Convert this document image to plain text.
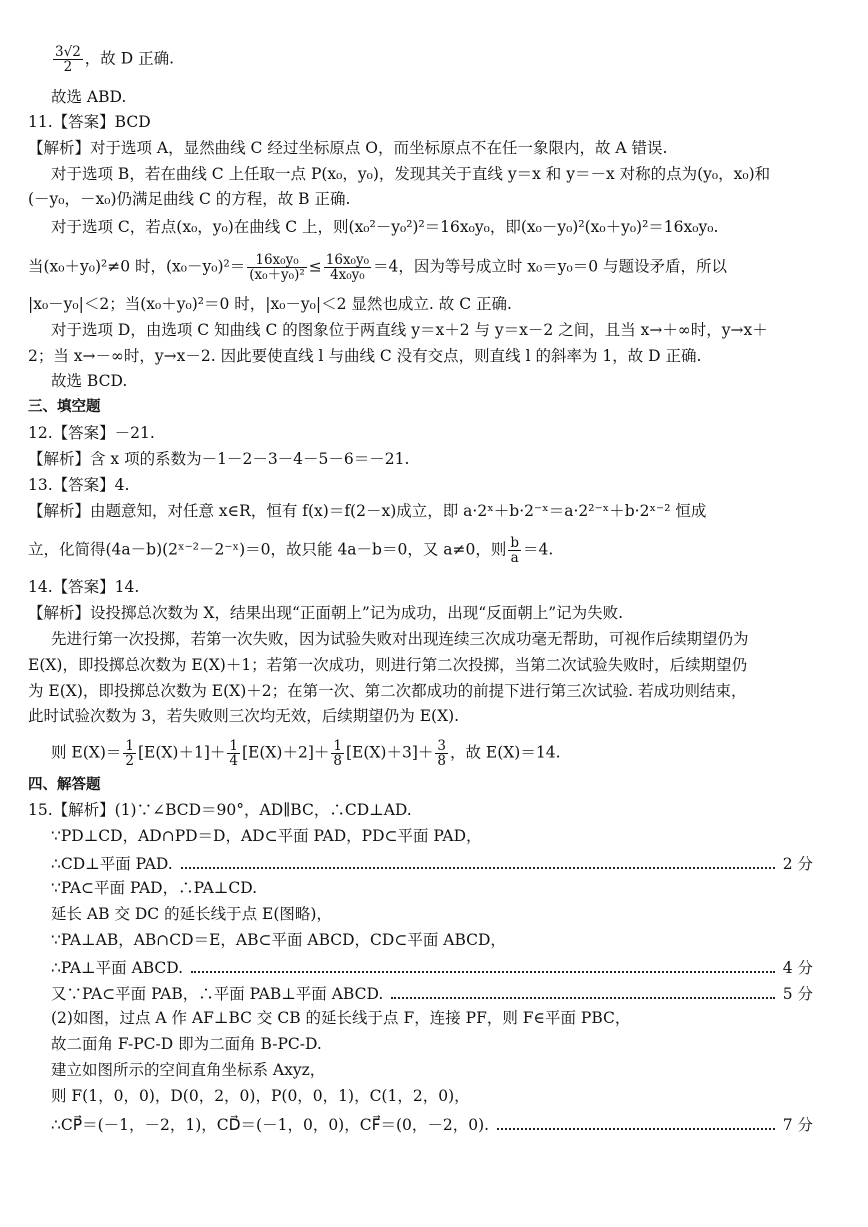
$\frac{3√2}{2}$ ，故 D 正确.
故选 ABD.
11.【答案】BCD
【解析】对于选项 A，显然曲线 C 经过坐标原点 O，而坐标原点不在任一象限内，故 A 错误.
对于选项 B，若在曲线 C 上任取一点 P(x₀，y₀)，发现其关于直线 y＝x 和 y＝－x 对称的点为(y₀，x₀)和
(－y₀，－x₀)仍满足曲线 C 的方程，故 B 正确.
对于选项 C，若点(x₀，y₀)在曲线 C 上，则(x₀²－y₀²)²＝16x₀y₀，即(x₀－y₀)²(x₀＋y₀)²＝16x₀y₀.
当(x₀＋y₀)²≠0 时，$(x_0-y_0)^2= \frac{\text{16x₀y₀}}{\text{(x₀＋y₀)²}} \le \frac{\text{16x₀y₀}}{\text{4x₀y₀}} =4$，因为等号成立时 x₀＝y₀＝0 与题设矛盾，所以
|x₀－y₀|＜2；当(x₀＋y₀)²＝0 时，|x₀－y₀|＜2 显然也成立. 故 C 正确.
对于选项 D，由选项 C 知曲线 C 的图象位于两直线 y＝x＋2 与 y＝x－2 之间，且当 x→＋∞时，y→x＋
2；当 x→－∞时，y→x－2. 因此要使直线 l 与曲线 C 没有交点，则直线 l 的斜率为 1，故 D 正确.
故选 BCD.
三、填空题
12.【答案】－21.
【解析】含 x 项的系数为－1－2－3－4－5－6＝－21.
13.【答案】4.
【解析】由题意知，对任意 x∈R，恒有 f(x)＝f(2－x)成立，即 a·2ˣ＋b·2⁻ˣ＝a·2²⁻ˣ＋b·2ˣ⁻² 恒成
立，化简得(4a－b)(2ˣ⁻²－2⁻ˣ)＝0，故只能 4a－b＝0，又 a≠0，则 $\frac{b}{a} =4$.
14.【答案】14.
【解析】设投掷总次数为 X，结果出现“正面朝上”记为成功，出现“反面朝上”记为失败.
先进行第一次投掷，若第一次失败，因为试验失败对出现连续三次成功毫无帮助，可视作后续期望仍为
E(X)，即投掷总次数为 E(X)＋1；若第一次成功，则进行第二次投掷，当第二次试验失败时，后续期望仍
为 E(X)，即投掷总次数为 E(X)＋2；在第一次、第二次都成功的前提下进行第三次试验. 若成功则结束，
此时试验次数为 3，若失败则三次均无效，后续期望仍为 E(X).
则 $E(X)= \frac{1}{2} [E(X)+1]+ \frac{1}{4} [E(X)+2]+ \frac{1}{8} [E(X)+3]+ \frac{3}{8}$ ，故 E(X)＝14.
四、解答题
15.【解析】(1)∵∠BCD＝90°，AD∥BC，∴CD⊥AD.
∵PD⊥CD，AD∩PD＝D，AD⊂平面 PAD，PD⊂平面 PAD，
∴CD⊥平面 PAD.	2 分
∵PA⊂平面 PAD，∴PA⊥CD.
延长 AB 交 DC 的延长线于点 E(图略)，
∵PA⊥AB，AB∩CD＝E，AB⊂平面 ABCD，CD⊂平面 ABCD，
∴PA⊥平面 ABCD.	4 分
又∵PA⊂平面 PAB，∴平面 PAB⊥平面 ABCD.	5 分
(2)如图，过点 A 作 AF⊥BC 交 CB 的延长线于点 F，连接 PF，则 F∈平面 PBC，
故二面角 F-PC-D 即为二面角 B-PC-D.
建立如图所示的空间直角坐标系 Axyz，
则 F(1，0，0)，D(0，2，0)，P(0，0，1)，C(1，2，0)，
∴CP⃗＝(－1，－2，1)，CD⃗＝(－1，0，0)，CF⃗＝(0，－2，0).	7 分
